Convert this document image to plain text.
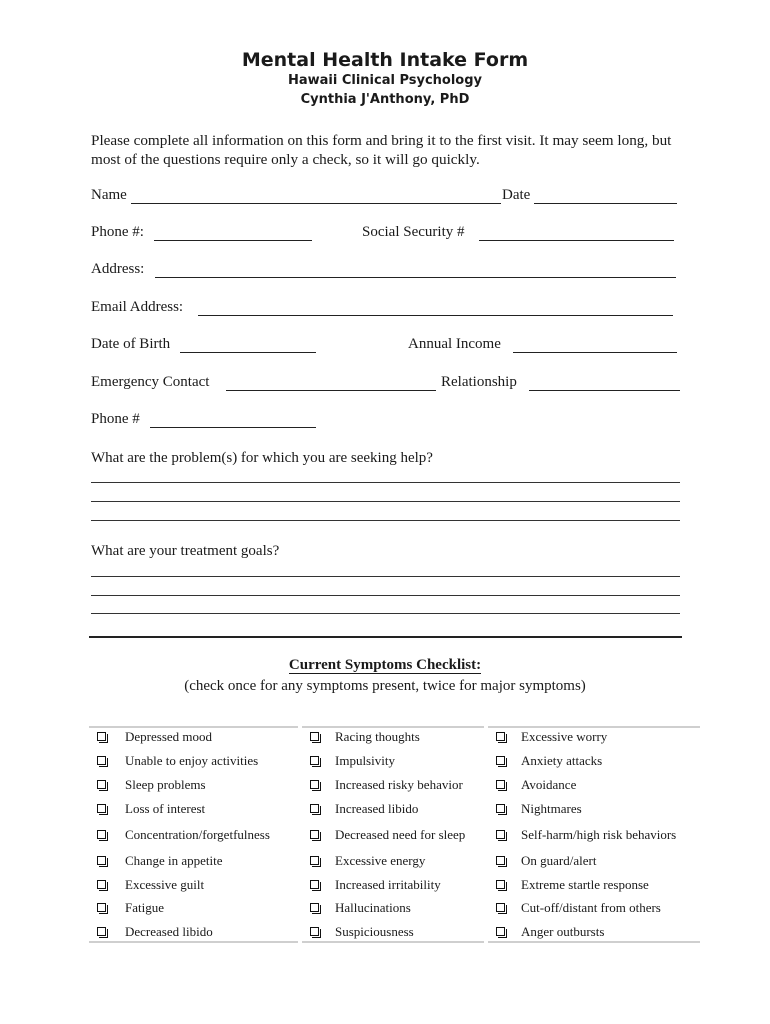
Mental Health Intake Form
Hawaii Clinical Psychology
Cynthia J'Anthony, PhD
Please complete all information on this form and bring it to the first visit. It may seem long, but most of the questions require only a check, so it will go quickly.
Name	Date
Phone #:	Social Security #
Address:
Email Address:
Date of Birth	Annual Income
Emergency Contact	Relationship
Phone #
What are the problem(s) for which you are seeking help?
What are your treatment goals?
Current Symptoms Checklist:
(check once for any symptoms present, twice for major symptoms)
Depressed mood
Unable to enjoy activities
Sleep problems
Loss of interest
Concentration/forgetfulness
Change in appetite
Excessive guilt
Fatigue
Decreased libido
Racing thoughts
Impulsivity
Increased risky behavior
Increased libido
Decreased need for sleep
Excessive energy
Increased irritability
Hallucinations
Suspiciousness
Excessive worry
Anxiety attacks
Avoidance
Nightmares
Self-harm/high risk behaviors
On guard/alert
Extreme startle response
Cut-off/distant from others
Anger outbursts
